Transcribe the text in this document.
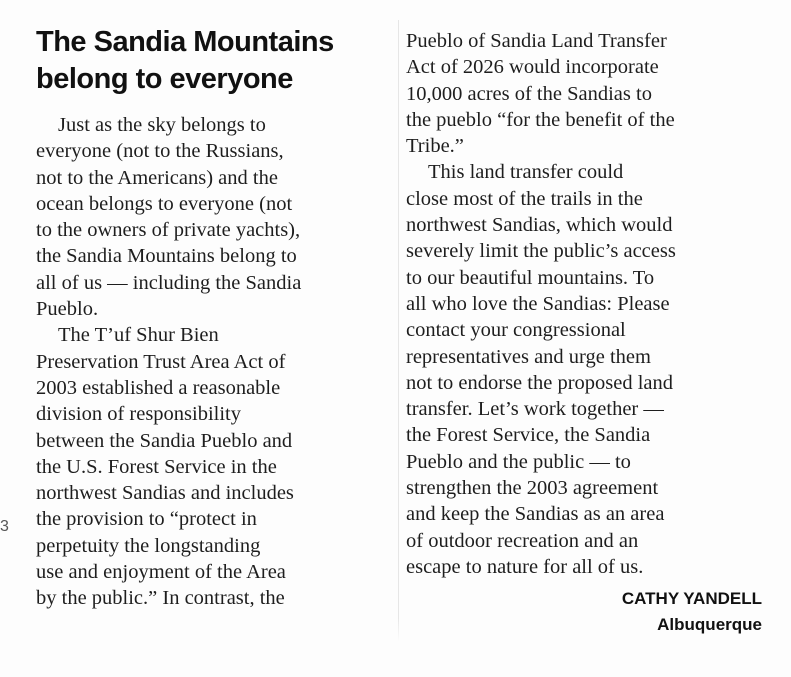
The Sandia Mountains
belong to everyone

Just as the sky belongs to
everyone (not to the Russians,
not to the Americans) and the
ocean belongs to everyone (not
to the owners of private yachts),
the Sandia Mountains belong to
all of us — including the Sandia
Pueblo.

The T’uf Shur Bien
Preservation Trust Area Act of
2003 established a reasonable
division of responsibility
between the Sandia Pueblo and
the U.S. Forest Service in the
northwest Sandias and includes
the provision to “protect in
perpetuity the longstanding
use and enjoyment of the Area
by the public.” In contrast, the

Pueblo of Sandia Land Transfer
Act of 2026 would incorporate
10,000 acres of the Sandias to
the pueblo “for the benefit of the
Tribe.”

This land transfer could
close most of the trails in the
northwest Sandias, which would
severely limit the public’s access
to our beautiful mountains. To
all who love the Sandias: Please
contact your congressional
representatives and urge them
not to endorse the proposed land
transfer. Let’s work together —
the Forest Service, the Sandia
Pueblo and the public — to
strengthen the 2003 agreement
and keep the Sandias as an area
of outdoor recreation and an
escape to nature for all of us.

CATHY YANDELL
Albuquerque
3
